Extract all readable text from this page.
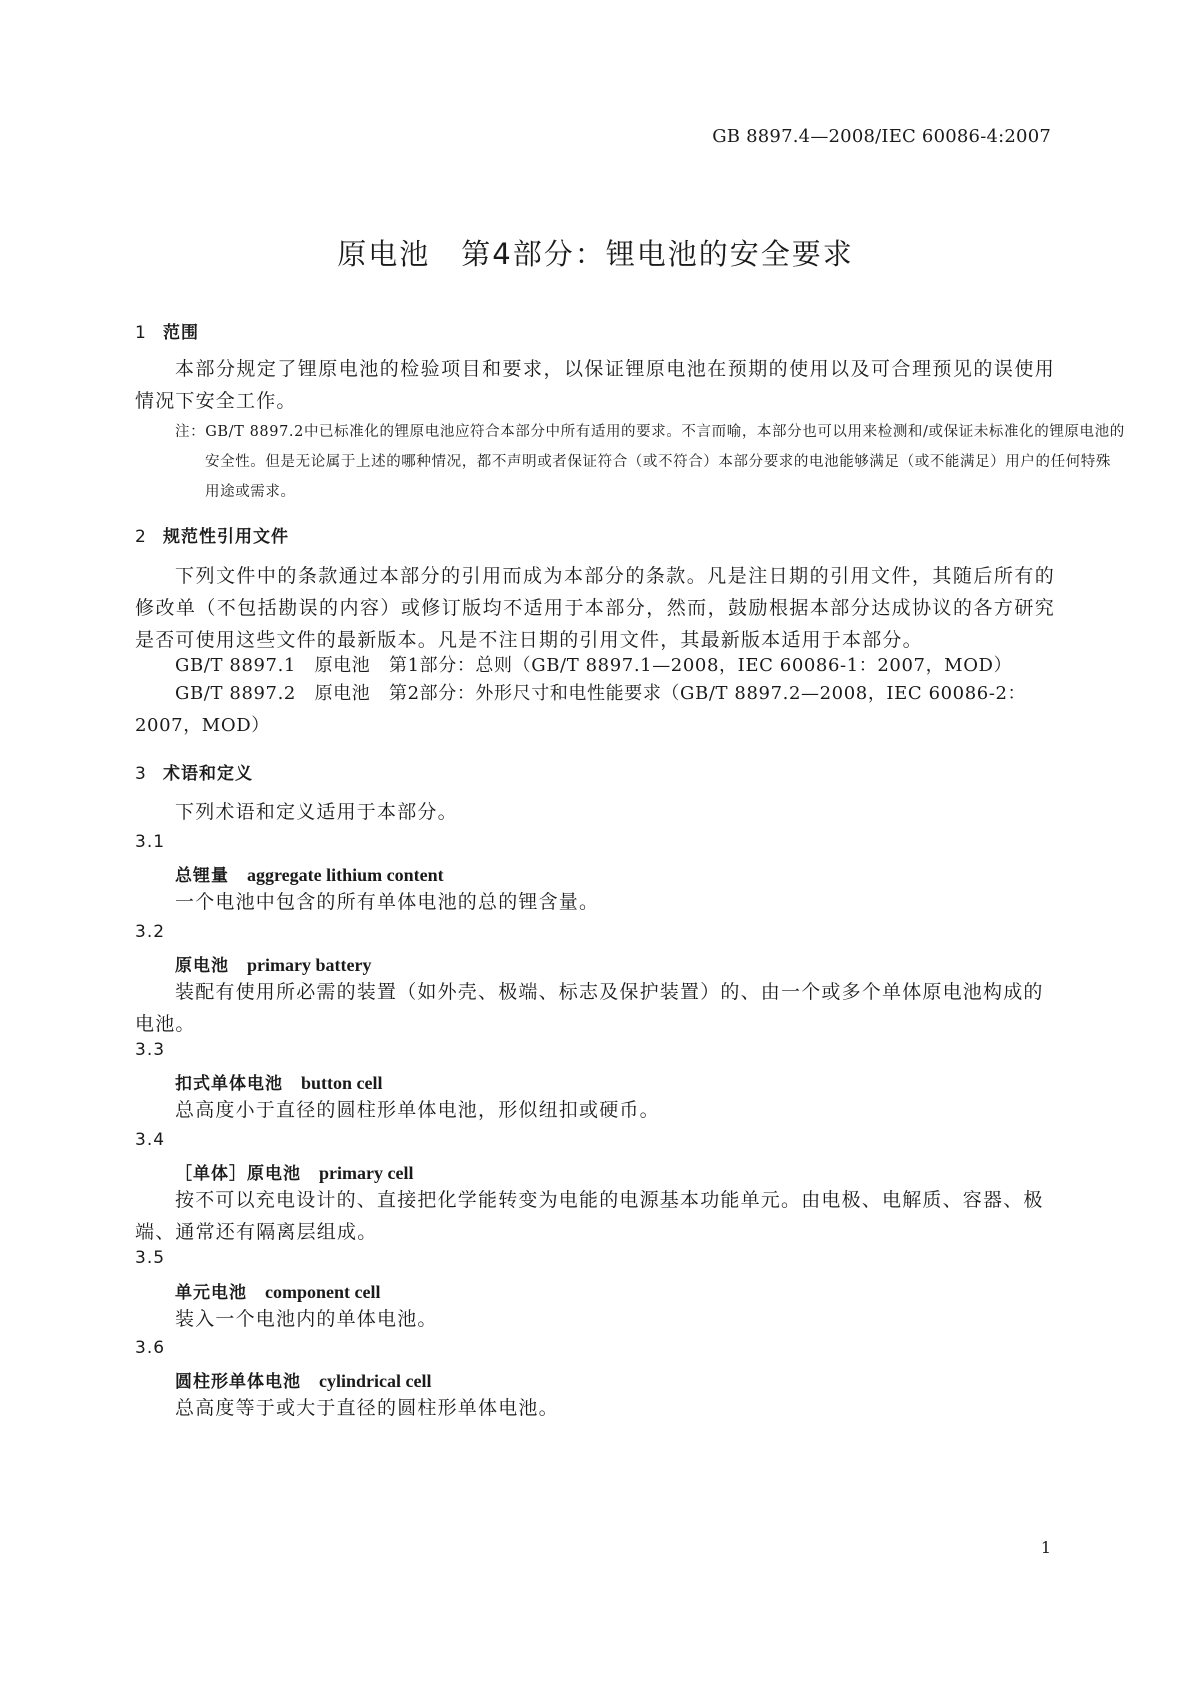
GB 8897.4—2008/IEC 60086-4:2007
原电池　第4部分：锂电池的安全要求
1 范围
本部分规定了锂原电池的检验项目和要求，以保证锂原电池在预期的使用以及可合理预见的误使用情况下安全工作。
注：GB/T 8897.2中已标准化的锂原电池应符合本部分中所有适用的要求。不言而喻，本部分也可以用来检测和/或保证未标准化的锂原电池的安全性。但是无论属于上述的哪种情况，都不声明或者保证符合（或不符合）本部分要求的电池能够满足（或不能满足）用户的任何特殊用途或需求。
2 规范性引用文件
下列文件中的条款通过本部分的引用而成为本部分的条款。凡是注日期的引用文件，其随后所有的修改单（不包括勘误的内容）或修订版均不适用于本部分，然而，鼓励根据本部分达成协议的各方研究是否可使用这些文件的最新版本。凡是不注日期的引用文件，其最新版本适用于本部分。
GB/T 8897.1　原电池　第1部分：总则（GB/T 8897.1—2008，IEC 60086-1：2007，MOD）
GB/T 8897.2　原电池　第2部分：外形尺寸和电性能要求（GB/T 8897.2—2008，IEC 60086-2：2007，MOD）
3 术语和定义
下列术语和定义适用于本部分。
3.1
总锂量 aggregate lithium content
一个电池中包含的所有单体电池的总的锂含量。
3.2
原电池 primary battery
装配有使用所必需的装置（如外壳、极端、标志及保护装置）的、由一个或多个单体原电池构成的电池。
3.3
扣式单体电池 button cell
总高度小于直径的圆柱形单体电池，形似纽扣或硬币。
3.4
［单体］原电池 primary cell
按不可以充电设计的、直接把化学能转变为电能的电源基本功能单元。由电极、电解质、容器、极端、通常还有隔离层组成。
3.5
单元电池 component cell
装入一个电池内的单体电池。
3.6
圆柱形单体电池 cylindrical cell
总高度等于或大于直径的圆柱形单体电池。
1
